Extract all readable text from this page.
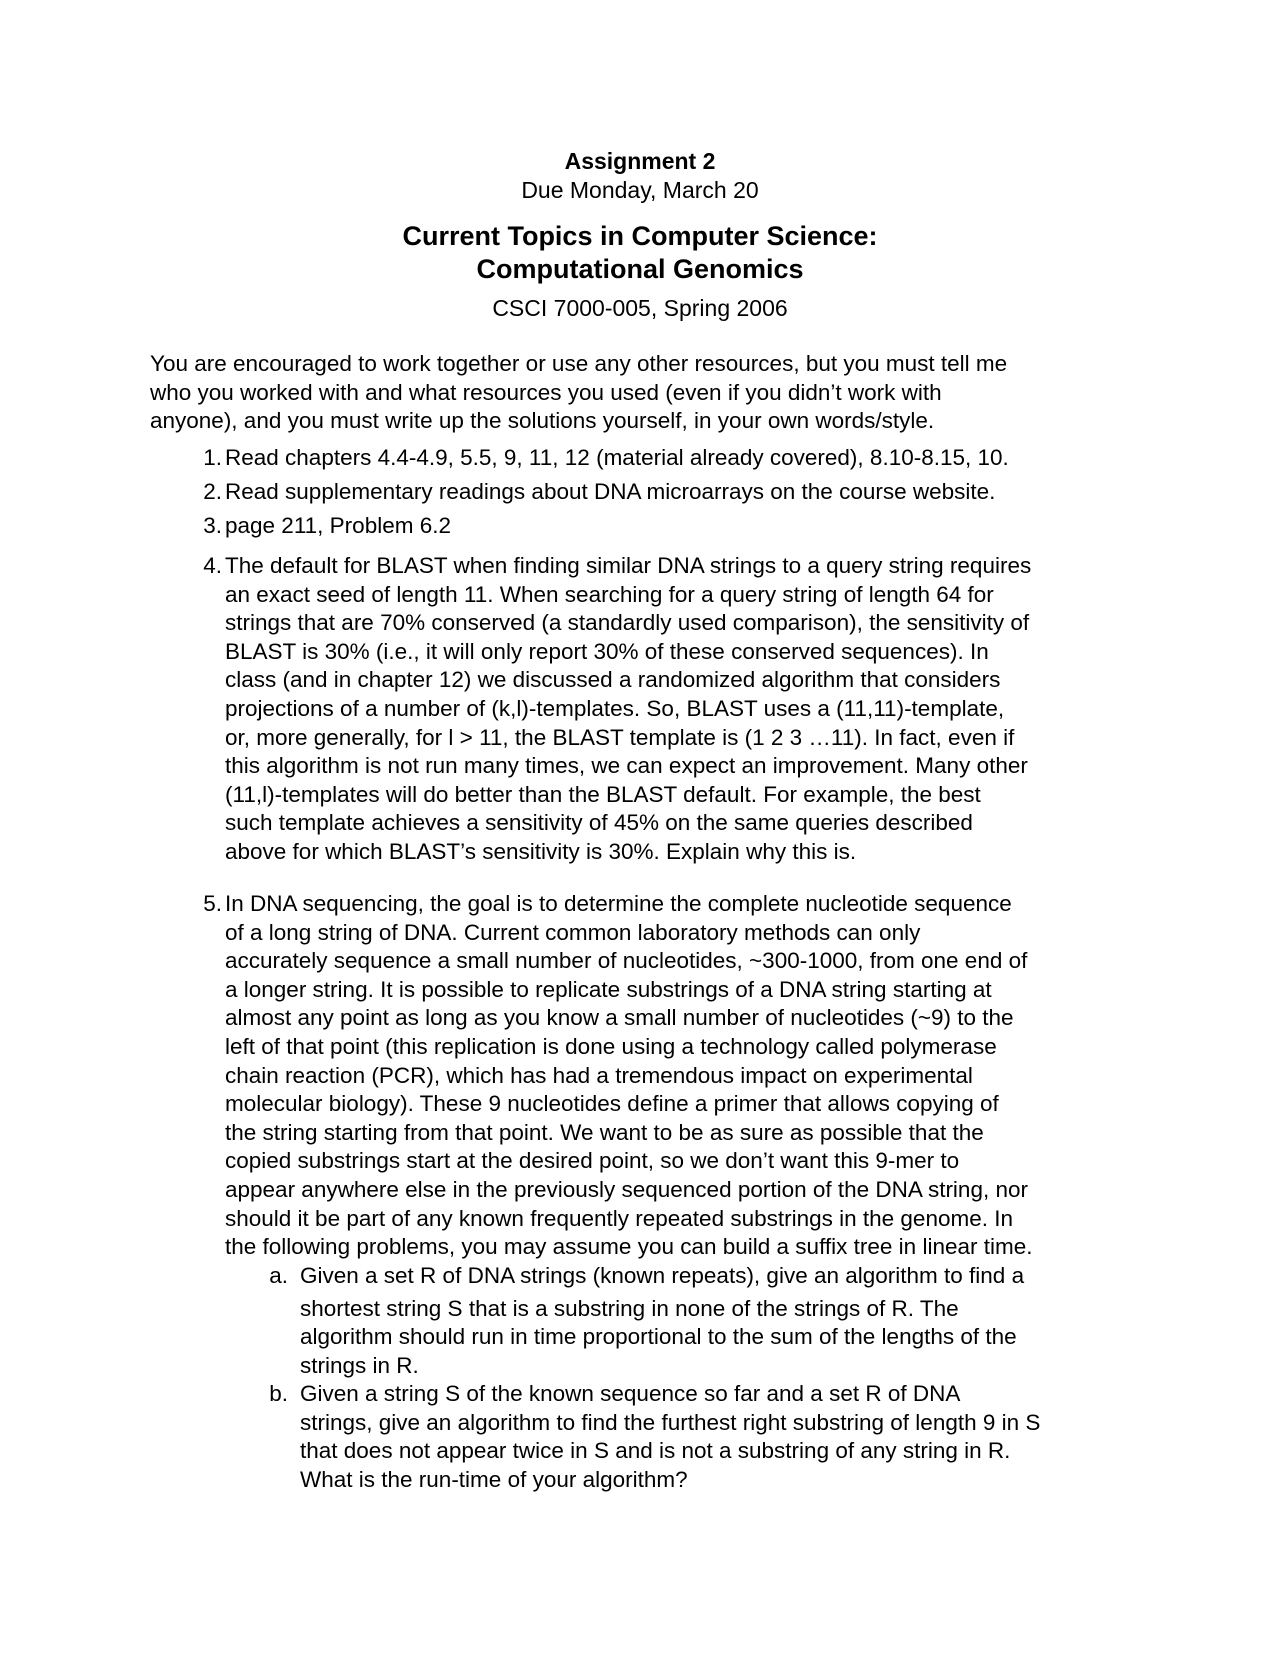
Assignment 2
Due Monday, March 20
Current Topics in Computer Science:
Computational Genomics
CSCI 7000-005, Spring 2006
You are encouraged to work together or use any other resources, but you must tell me
who you worked with and what resources you used (even if you didn’t work with
anyone), and you must write up the solutions yourself, in your own words/style.
1. Read chapters 4.4-4.9, 5.5, 9, 11, 12 (material already covered), 8.10-8.15, 10.
2. Read supplementary readings about DNA microarrays on the course website.
3. page 211, Problem 6.2
4. The default for BLAST when finding similar DNA strings to a query string requires
an exact seed of length 11. When searching for a query string of length 64 for
strings that are 70% conserved (a standardly used comparison), the sensitivity of
BLAST is 30% (i.e., it will only report 30% of these conserved sequences). In
class (and in chapter 12) we discussed a randomized algorithm that considers
projections of a number of (k,l)-templates. So, BLAST uses a (11,11)-template,
or, more generally, for l > 11, the BLAST template is (1 2 3 …11). In fact, even if
this algorithm is not run many times, we can expect an improvement. Many other
(11,l)-templates will do better than the BLAST default. For example, the best
such template achieves a sensitivity of 45% on the same queries described
above for which BLAST’s sensitivity is 30%. Explain why this is.
5. In DNA sequencing, the goal is to determine the complete nucleotide sequence
of a long string of DNA. Current common laboratory methods can only
accurately sequence a small number of nucleotides, ~300-1000, from one end of
a longer string. It is possible to replicate substrings of a DNA string starting at
almost any point as long as you know a small number of nucleotides (~9) to the
left of that point (this replication is done using a technology called polymerase
chain reaction (PCR), which has had a tremendous impact on experimental
molecular biology). These 9 nucleotides define a primer that allows copying of
the string starting from that point. We want to be as sure as possible that the
copied substrings start at the desired point, so we don’t want this 9-mer to
appear anywhere else in the previously sequenced portion of the DNA string, nor
should it be part of any known frequently repeated substrings in the genome. In
the following problems, you may assume you can build a suffix tree in linear time.
a. Given a set R of DNA strings (known repeats), give an algorithm to find a
shortest string S that is a substring in none of the strings of R. The
algorithm should run in time proportional to the sum of the lengths of the
strings in R.
b. Given a string S of the known sequence so far and a set R of DNA
strings, give an algorithm to find the furthest right substring of length 9 in S
that does not appear twice in S and is not a substring of any string in R.
What is the run-time of your algorithm?
